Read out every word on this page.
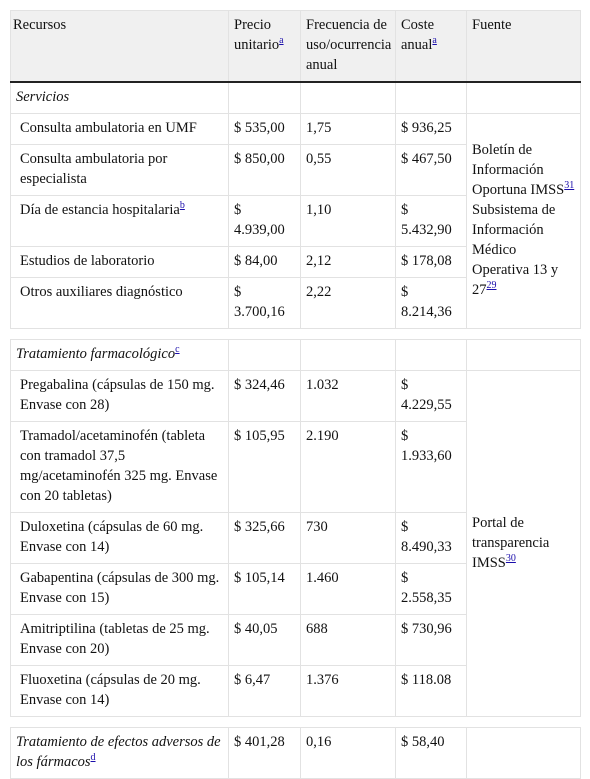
Recursos	Precio unitario$^a$	Frecuencia de uso/ocurrencia anual	Coste anual$^a$	Fuente
Servicios				
Consulta ambulatoria en UMF	$ 535,00	1,75	$ 936,25	Boletín de Información Oportuna IMSS$^{31}$ Subsistema de Información Médico Operativa 13 y $27^{29}$
Consulta ambulatoria por especialista	$ 850,00	0,55	$ 467,50	
Día de estancia hospitalaria$^b$	$ 4.939,00	1,10	$ 5.432,90	
Estudios de laboratorio	$ 84,00	2,12	$ 178,08	
Otros auxiliares diagnóstico	$ 3.700,16	2,22	$ 8.214,36	

Tratamiento farmacológico$^c$				
Pregabalina (cápsulas de 150 mg. Envase con 28)	$ 324,46	1.032	$ 4.229,55	Portal de transparencia IMSS$^{30}$
Tramadol/acetaminofén (tableta con tramadol 37,5 mg/acetaminofén 325 mg. Envase con 20 tabletas)	$ 105,95	2.190	$ 1.933,60	
Duloxetina (cápsulas de 60 mg. Envase con 14)	$ 325,66	730	$ 8.490,33	
Gabapentina (cápsulas de 300 mg. Envase con 15)	$ 105,14	1.460	$ 2.558,35	
Amitriptilina (tabletas de 25 mg. Envase con 20)	$ 40,05	688	$ 730,96	
Fluoxetina (cápsulas de 20 mg. Envase con 14)	$ 6,47	1.376	$ 118.08	

Tratamiento de efectos adversos de los fármacos$^d$	$ 401,28	0,16	$ 58,40	
